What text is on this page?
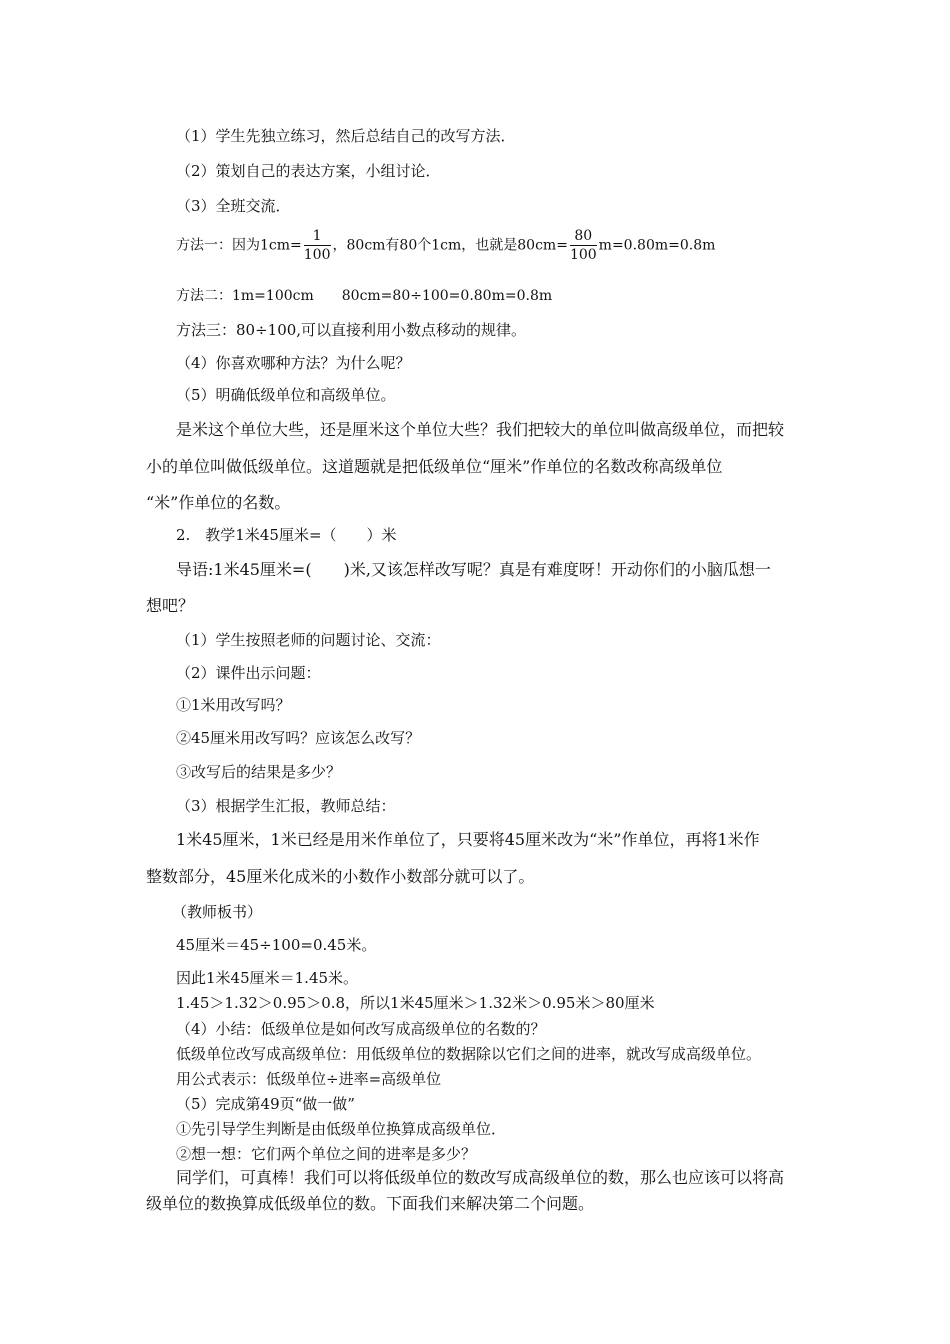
（1）学生先独立练习，然后总结自己的改写方法．
（2）策划自己的表达方案，小组讨论．
（3）全班交流．
方法一：因为$1cm= \frac{1}{100}$ ，80cm有80个1cm，也就是$80cm= \frac{80}{100} m=0.80m=0.8m$
方法二：1m=100cm　　80cm=80÷100=0.80m=0.8m
方法三：80÷100,可以直接利用小数点移动的规律。
（4）你喜欢哪种方法？为什么呢？
（5）明确低级单位和高级单位。
是米这个单位大些，还是厘米这个单位大些？我们把较大的单位叫做高级单位，而把较
小的单位叫做低级单位。这道题就是把低级单位“厘米”作单位的名数改称高级单位
“米”作单位的名数。
2.　教学1米45厘米=（　　）米
导语:1米45厘米=(　　)米,又该怎样改写呢？真是有难度呀！开动你们的小脑瓜想一
想吧？
（1）学生按照老师的问题讨论、交流：
（2）课件出示问题：
①1米用改写吗？
②45厘米用改写吗？应该怎么改写？
③改写后的结果是多少？
（3）根据学生汇报，教师总结：
1米45厘米，1米已经是用米作单位了，只要将45厘米改为“米”作单位，再将1米作
整数部分，45厘米化成米的小数作小数部分就可以了。
（教师板书）
45厘米＝45÷100=0.45米。
因此1米45厘米＝1.45米。
1.45＞1.32＞0.95＞0.8，所以1米45厘米＞1.32米＞0.95米＞80厘米
（4）小结：低级单位是如何改写成高级单位的名数的？
低级单位改写成高级单位：用低级单位的数据除以它们之间的进率，就改写成高级单位。
用公式表示：低级单位÷进率=高级单位
（5）完成第49页“做一做”
①先引导学生判断是由低级单位换算成高级单位．
②想一想：它们两个单位之间的进率是多少？
同学们，可真棒！我们可以将低级单位的数改写成高级单位的数，那么也应该可以将高
级单位的数换算成低级单位的数。下面我们来解决第二个问题。
